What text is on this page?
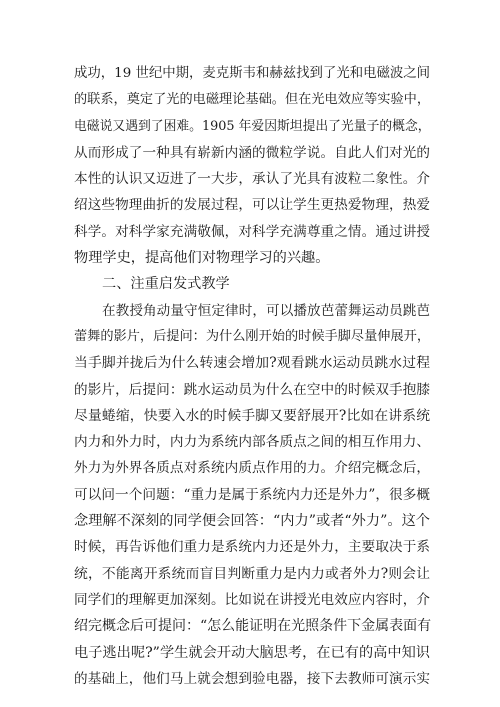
成功，19 世纪中期，麦克斯韦和赫兹找到了光和电磁波之间
的联系，奠定了光的电磁理论基础。但在光电效应等实验中，
电磁说又遇到了困难。1905 年爱因斯坦提出了光量子的概念，
从而形成了一种具有崭新内涵的微粒学说。自此人们对光的
本性的认识又迈进了一大步，承认了光具有波粒二象性。介
绍这些物理曲折的发展过程，可以让学生更热爱物理，热爱
科学。对科学家充满敬佩，对科学充满尊重之情。通过讲授
物理学史，提高他们对物理学习的兴趣。
二、注重启发式教学
在教授角动量守恒定律时，可以播放芭蕾舞运动员跳芭
蕾舞的影片，后提问：为什么刚开始的时候手脚尽量伸展开，
当手脚并拢后为什么转速会增加?观看跳水运动员跳水过程
的影片，后提问：跳水运动员为什么在空中的时候双手抱膝
尽量蜷缩，快要入水的时候手脚又要舒展开?比如在讲系统
内力和外力时，内力为系统内部各质点之间的相互作用力、
外力为外界各质点对系统内质点作用的力。介绍完概念后，
可以问一个问题：“重力是属于系统内力还是外力”，很多概
念理解不深刻的同学便会回答：“内力”或者“外力”。这个
时候，再告诉他们重力是系统内力还是外力，主要取决于系
统，不能离开系统而盲目判断重力是内力或者外力?则会让
同学们的理解更加深刻。比如说在讲授光电效应内容时，介
绍完概念后可提问：“怎么能证明在光照条件下金属表面有
电子逃出呢?”学生就会开动大脑思考，在已有的高中知识
的基础上，他们马上就会想到验电器，接下去教师可演示实
